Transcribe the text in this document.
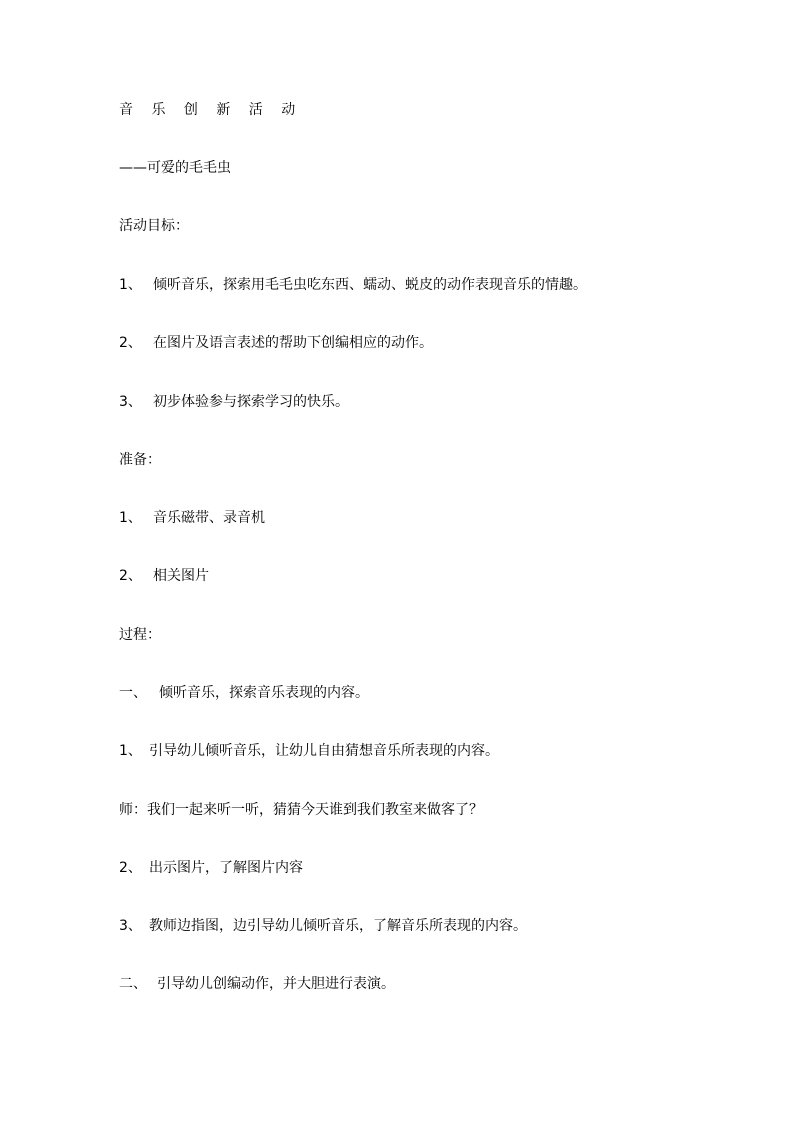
音 乐 创 新 活 动
——可爱的毛毛虫
活动目标：
1、 倾听音乐，探索用毛毛虫吃东西、蠕动、蜕皮的动作表现音乐的情趣。
2、 在图片及语言表述的帮助下创编相应的动作。
3、 初步体验参与探索学习的快乐。
准备：
1、 音乐磁带、录音机
2、 相关图片
过程：
一、 倾听音乐，探索音乐表现的内容。
1、 引导幼儿倾听音乐，让幼儿自由猜想音乐所表现的内容。
师：我们一起来听一听，猜猜今天谁到我们教室来做客了？
2、 出示图片，了解图片内容
3、 教师边指图，边引导幼儿倾听音乐，了解音乐所表现的内容。
二、 引导幼儿创编动作，并大胆进行表演。
